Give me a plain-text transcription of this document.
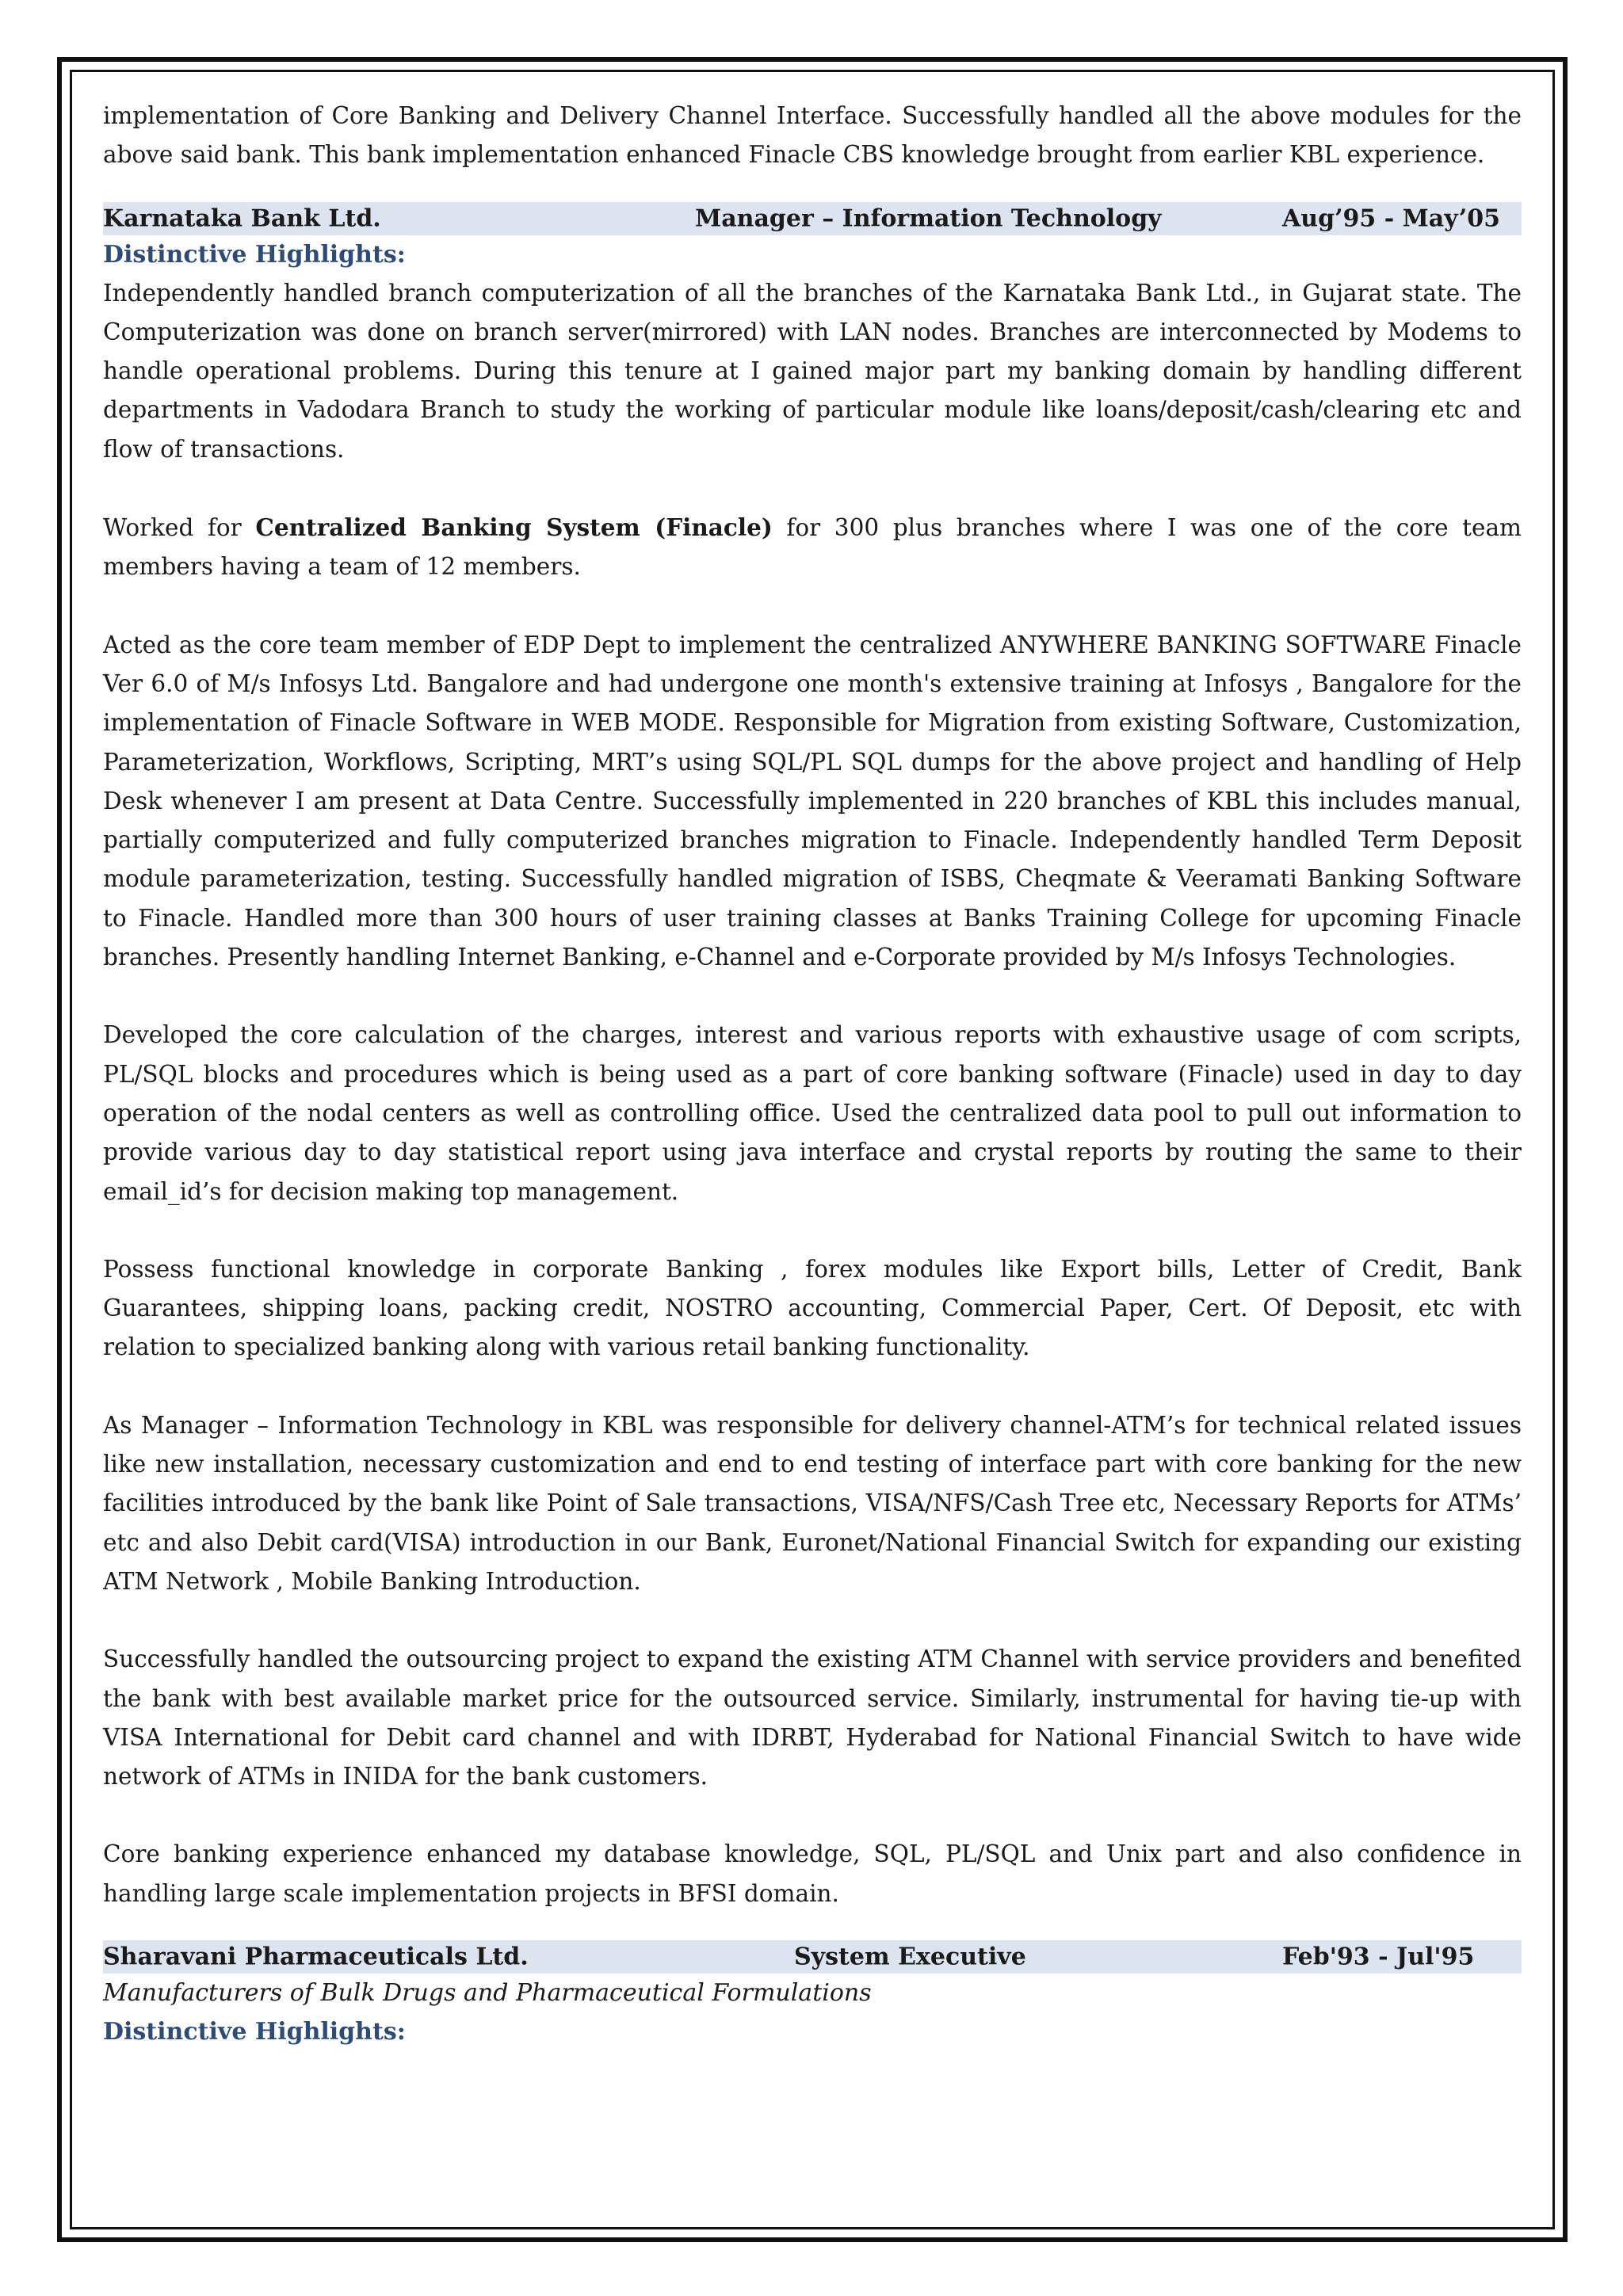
implementation of Core Banking and Delivery Channel Interface. Successfully handled all the above modules for the above said bank. This bank implementation enhanced Finacle CBS knowledge brought from earlier KBL experience.

Karnataka Bank Ltd.	Manager – Information Technology	Aug’95 - May’05

Distinctive Highlights:

Independently handled branch computerization of all the branches of the Karnataka Bank Ltd., in Gujarat state. The Computerization was done on branch server(mirrored) with LAN nodes. Branches are interconnected by Modems to handle operational problems. During this tenure at I gained major part my banking domain by handling different departments in Vadodara Branch to study the working of particular module like loans/deposit/cash/clearing etc and flow of transactions.

Worked for Centralized Banking System (Finacle) for 300 plus branches where I was one of the core team members having a team of 12 members.

Acted as the core team member of EDP Dept to implement the centralized ANYWHERE BANKING SOFTWARE Finacle Ver 6.0 of M/s Infosys Ltd. Bangalore and had undergone one month's extensive training at Infosys , Bangalore for the implementation of Finacle Software in WEB MODE. Responsible for Migration from existing Software, Customization, Parameterization, Workflows, Scripting, MRT’s using SQL/PL SQL dumps for the above project and handling of Help Desk whenever I am present at Data Centre. Successfully implemented in 220 branches of KBL this includes manual, partially computerized and fully computerized branches migration to Finacle. Independently handled Term Deposit module parameterization, testing. Successfully handled migration of ISBS, Cheqmate & Veeramati Banking Software to Finacle. Handled more than 300 hours of user training classes at Banks Training College for upcoming Finacle branches. Presently handling Internet Banking, e-Channel and e-Corporate provided by M/s Infosys Technologies.

Developed the core calculation of the charges, interest and various reports with exhaustive usage of com scripts, PL/SQL blocks and procedures which is being used as a part of core banking software (Finacle) used in day to day operation of the nodal centers as well as controlling office. Used the centralized data pool to pull out information to provide various day to day statistical report using java interface and crystal reports by routing the same to their email_id’s for decision making top management.

Possess functional knowledge in corporate Banking , forex modules like Export bills, Letter of Credit, Bank Guarantees, shipping loans, packing credit, NOSTRO accounting, Commercial Paper, Cert. Of Deposit, etc with relation to specialized banking along with various retail banking functionality.

As Manager – Information Technology in KBL was responsible for delivery channel-ATM’s for technical related issues like new installation, necessary customization and end to end testing of interface part with core banking for the new facilities introduced by the bank like Point of Sale transactions, VISA/NFS/Cash Tree etc, Necessary Reports for ATMs’ etc and also Debit card(VISA) introduction in our Bank, Euronet/National Financial Switch for expanding our existing ATM Network , Mobile Banking Introduction.

Successfully handled the outsourcing project to expand the existing ATM Channel with service providers and benefited the bank with best available market price for the outsourced service. Similarly, instrumental for having tie-up with VISA International for Debit card channel and with IDRBT, Hyderabad for National Financial Switch to have wide network of ATMs in INIDA for the bank customers.

Core banking experience enhanced my database knowledge, SQL, PL/SQL and Unix part and also confidence in handling large scale implementation projects in BFSI domain.

Sharavani Pharmaceuticals Ltd.	System Executive	Feb'93 - Jul'95

Manufacturers of Bulk Drugs and Pharmaceutical Formulations

Distinctive Highlights:
